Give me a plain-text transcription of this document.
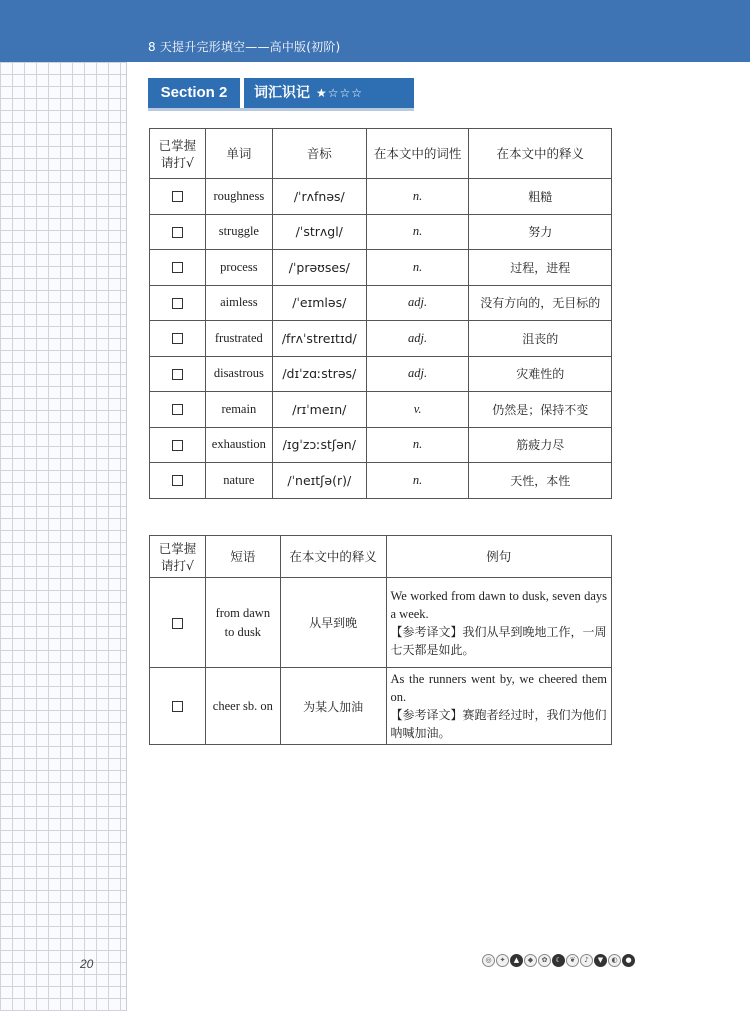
8 天提升完形填空——高中版(初阶)
Section 2	词汇识记 ★☆☆☆
已掌握
请打√	单词	音标	在本文中的词性	在本文中的释义
	roughness	/ˈrʌfnəs/	n.	粗糙
	struggle	/ˈstrʌgl/	n.	努力
	process	/ˈprəʊses/	n.	过程，进程
	aimless	/ˈeɪmləs/	adj.	没有方向的，无目标的
	frustrated	/frʌˈstreɪtɪd/	adj.	沮丧的
	disastrous	/dɪˈzɑːstrəs/	adj.	灾难性的
	remain	/rɪˈmeɪn/	v.	仍然是；保持不变
	exhaustion	/ɪgˈzɔːstʃən/	n.	筋疲力尽
	nature	/ˈneɪtʃə(r)/	n.	天性，本性
已掌握
请打√	短语	在本文中的释义	例句
	from dawn
to dusk	从早到晚	We worked from dawn to dusk, seven days a week.
【参考译文】我们从早到晚地工作，一周七天都是如此。

	cheer sb. on	为某人加油	As the runners went by, we cheered them on.
【参考译文】赛跑者经过时，我们为他们呐喊加油。
20	◎	✦	▲	◆	✿	☾	❦	♪	▼	◐	●
